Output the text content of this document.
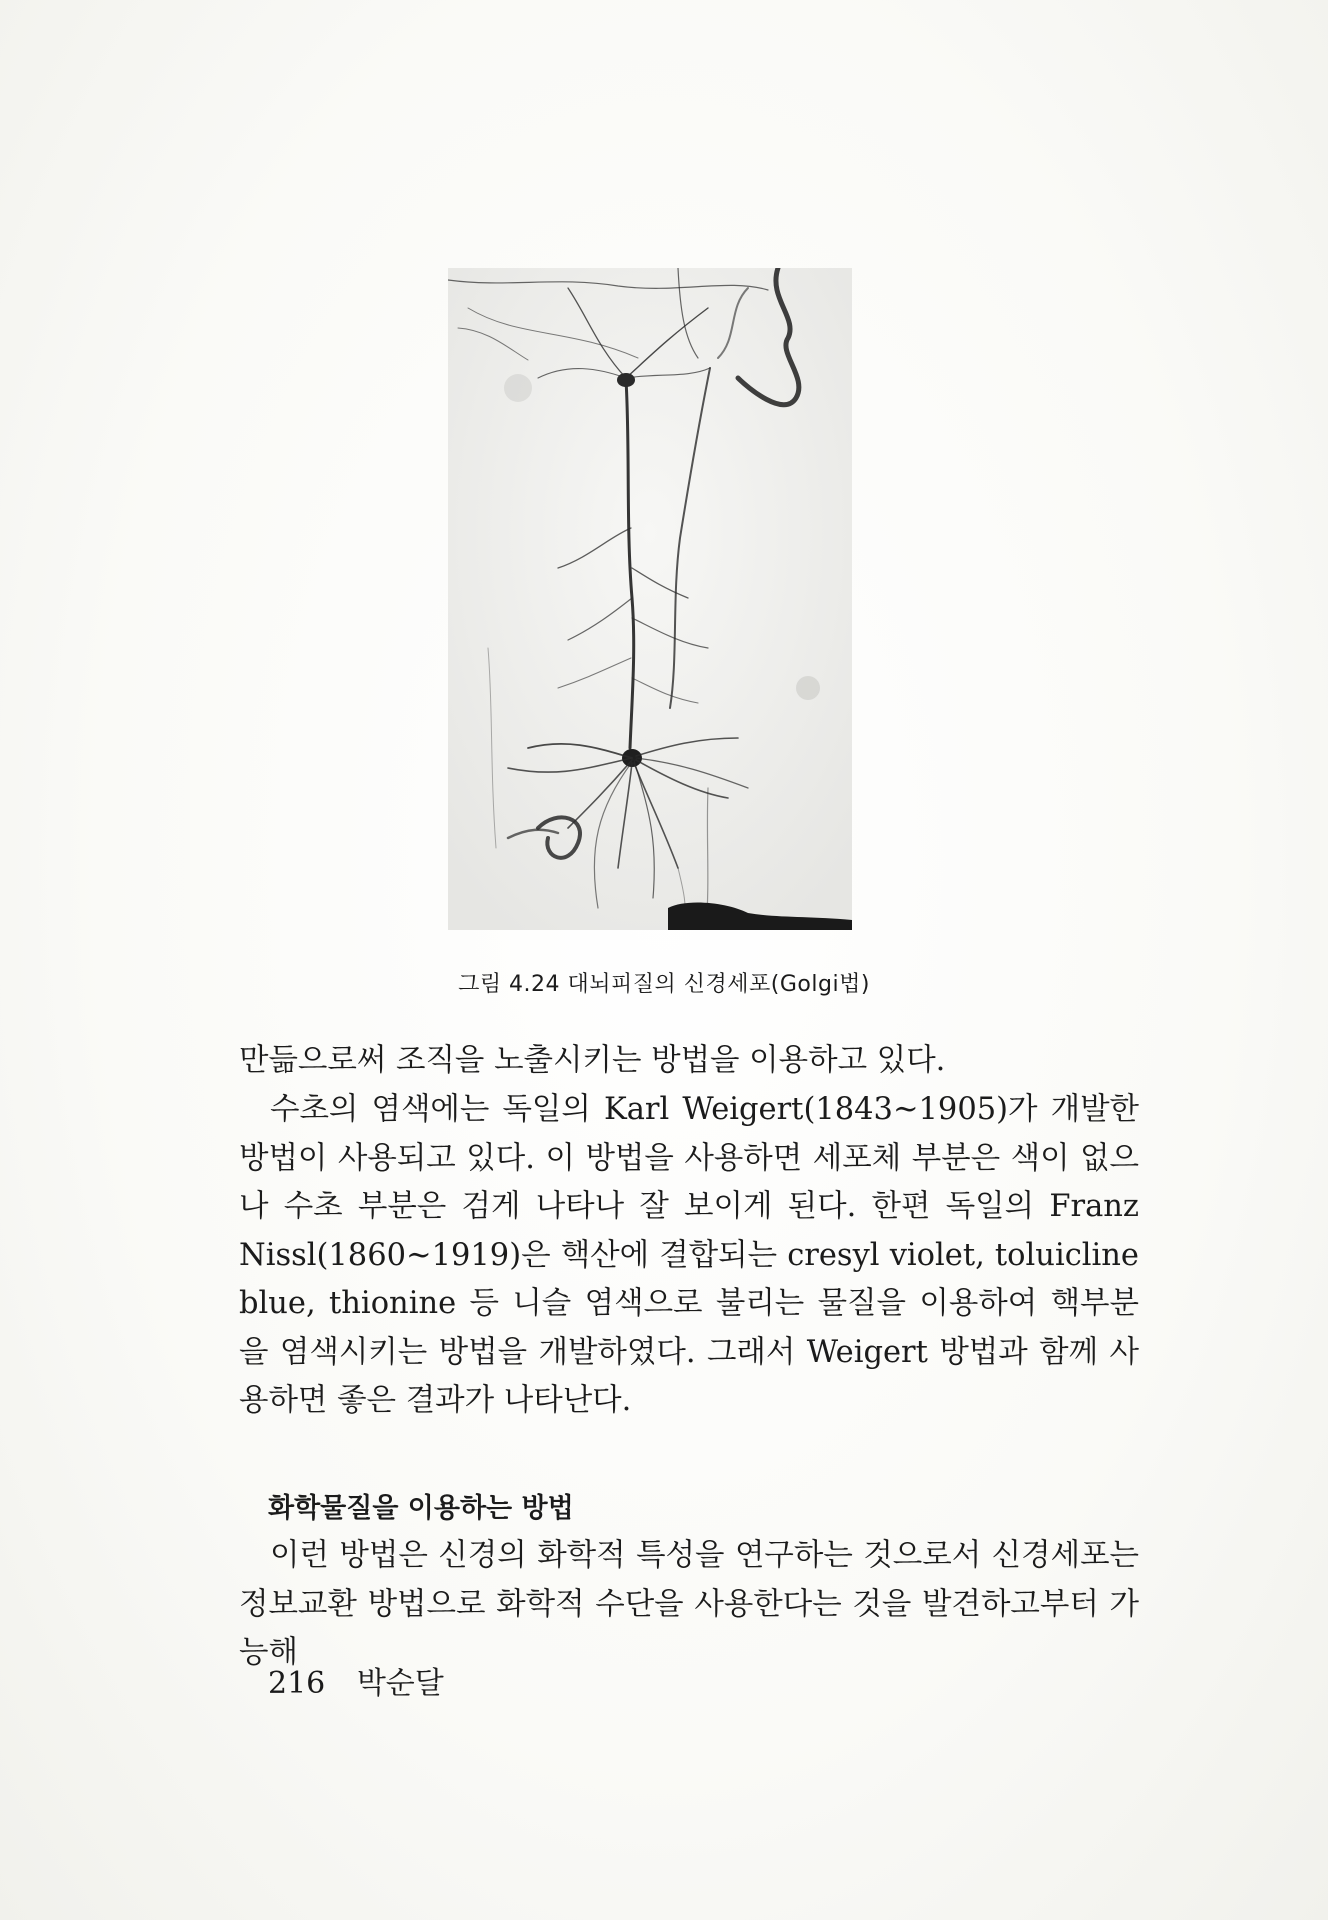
그림 4.24 대뇌피질의 신경세포(Golgi법)

만듦으로써 조직을 노출시키는 방법을 이용하고 있다.

수초의 염색에는 독일의 Karl Weigert(1843~1905)가 개발한 방법이 사용되고 있다. 이 방법을 사용하면 세포체 부분은 색이 없으나 수초 부분은 검게 나타나 잘 보이게 된다. 한편 독일의 Franz Nissl(1860~1919)은 핵산에 결합되는 cresyl violet, toluicline blue, thionine 등 니슬 염색으로 불리는 물질을 이용하여 핵부분을 염색시키는 방법을 개발하였다. 그래서 Weigert 방법과 함께 사용하면 좋은 결과가 나타난다.

화학물질을 이용하는 방법

이런 방법은 신경의 화학적 특성을 연구하는 것으로서 신경세포는 정보교환 방법으로 화학적 수단을 사용한다는 것을 발견하고부터 가능해

216 박순달
